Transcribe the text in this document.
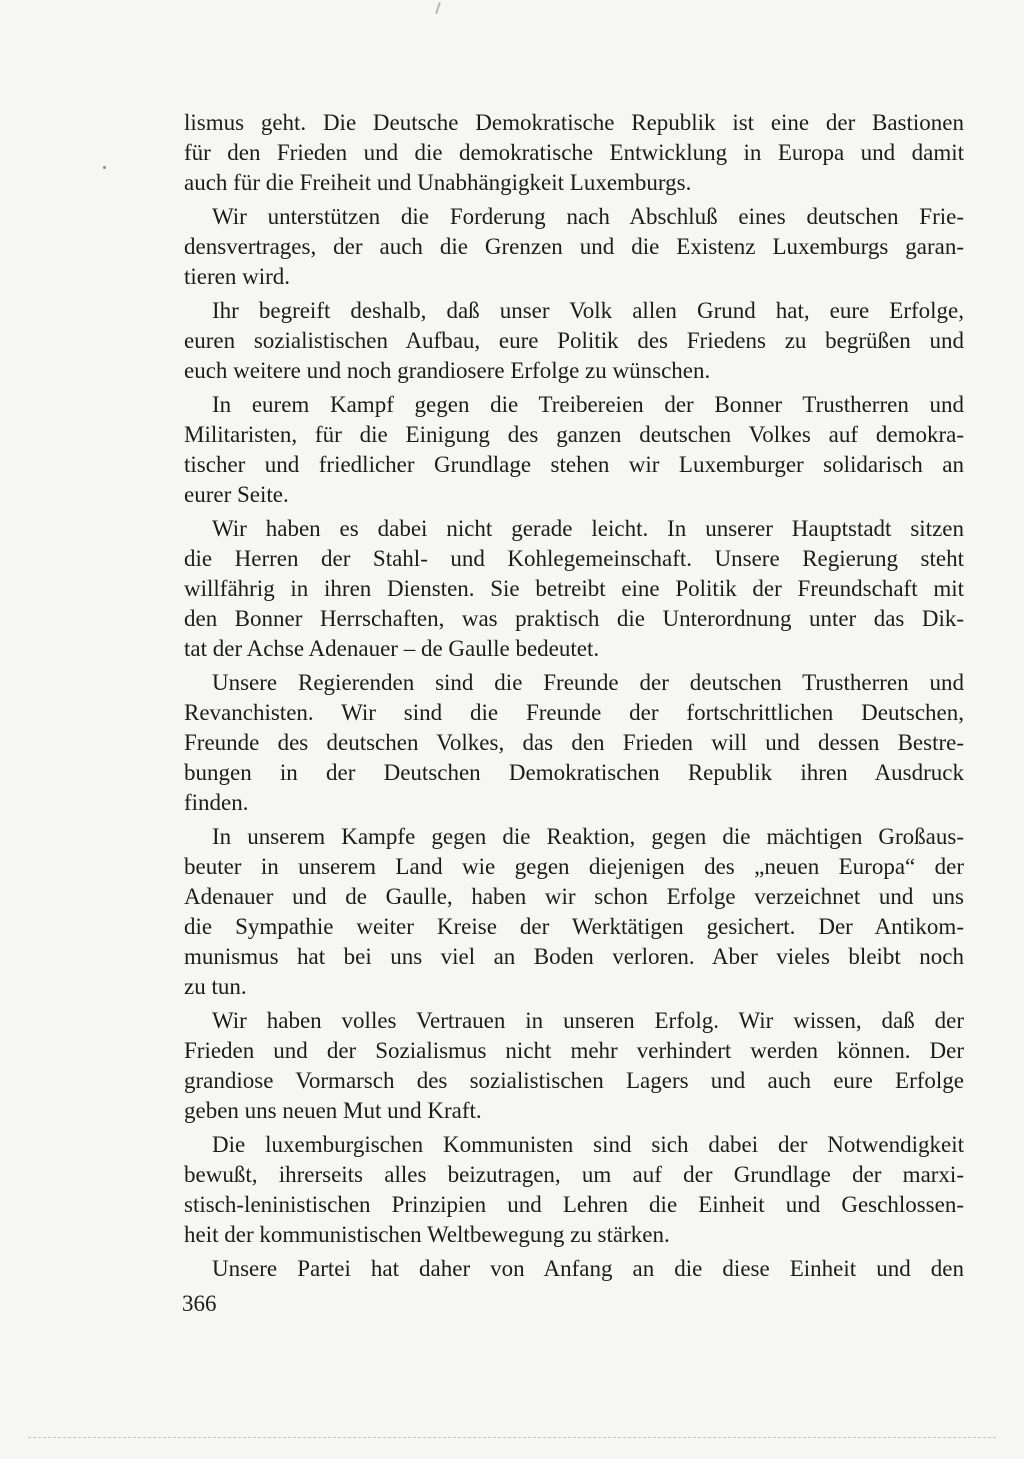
lismus geht. Die Deutsche Demokratische Republik ist eine der Bastionen
für den Frieden und die demokratische Entwicklung in Europa und damit
auch für die Freiheit und Unabhängigkeit Luxemburgs.
Wir unterstützen die Forderung nach Abschluß eines deutschen Frie-
densvertrages, der auch die Grenzen und die Existenz Luxemburgs garan-
tieren wird.
Ihr begreift deshalb, daß unser Volk allen Grund hat, eure Erfolge,
euren sozialistischen Aufbau, eure Politik des Friedens zu begrüßen und
euch weitere und noch grandiosere Erfolge zu wünschen.
In eurem Kampf gegen die Treibereien der Bonner Trustherren und
Militaristen, für die Einigung des ganzen deutschen Volkes auf demokra-
tischer und friedlicher Grundlage stehen wir Luxemburger solidarisch an
eurer Seite.
Wir haben es dabei nicht gerade leicht. In unserer Hauptstadt sitzen
die Herren der Stahl- und Kohlegemeinschaft. Unsere Regierung steht
willfährig in ihren Diensten. Sie betreibt eine Politik der Freundschaft mit
den Bonner Herrschaften, was praktisch die Unterordnung unter das Dik-
tat der Achse Adenauer – de Gaulle bedeutet.
Unsere Regierenden sind die Freunde der deutschen Trustherren und
Revanchisten. Wir sind die Freunde der fortschrittlichen Deutschen,
Freunde des deutschen Volkes, das den Frieden will und dessen Bestre-
bungen in der Deutschen Demokratischen Republik ihren Ausdruck
finden.
In unserem Kampfe gegen die Reaktion, gegen die mächtigen Großaus-
beuter in unserem Land wie gegen diejenigen des „neuen Europa“ der
Adenauer und de Gaulle, haben wir schon Erfolge verzeichnet und uns
die Sympathie weiter Kreise der Werktätigen gesichert. Der Antikom-
munismus hat bei uns viel an Boden verloren. Aber vieles bleibt noch
zu tun.
Wir haben volles Vertrauen in unseren Erfolg. Wir wissen, daß der
Frieden und der Sozialismus nicht mehr verhindert werden können. Der
grandiose Vormarsch des sozialistischen Lagers und auch eure Erfolge
geben uns neuen Mut und Kraft.
Die luxemburgischen Kommunisten sind sich dabei der Notwendigkeit
bewußt, ihrerseits alles beizutragen, um auf der Grundlage der marxi-
stisch-leninistischen Prinzipien und Lehren die Einheit und Geschlossen-
heit der kommunistischen Weltbewegung zu stärken.
Unsere Partei hat daher von Anfang an die diese Einheit und den
366
